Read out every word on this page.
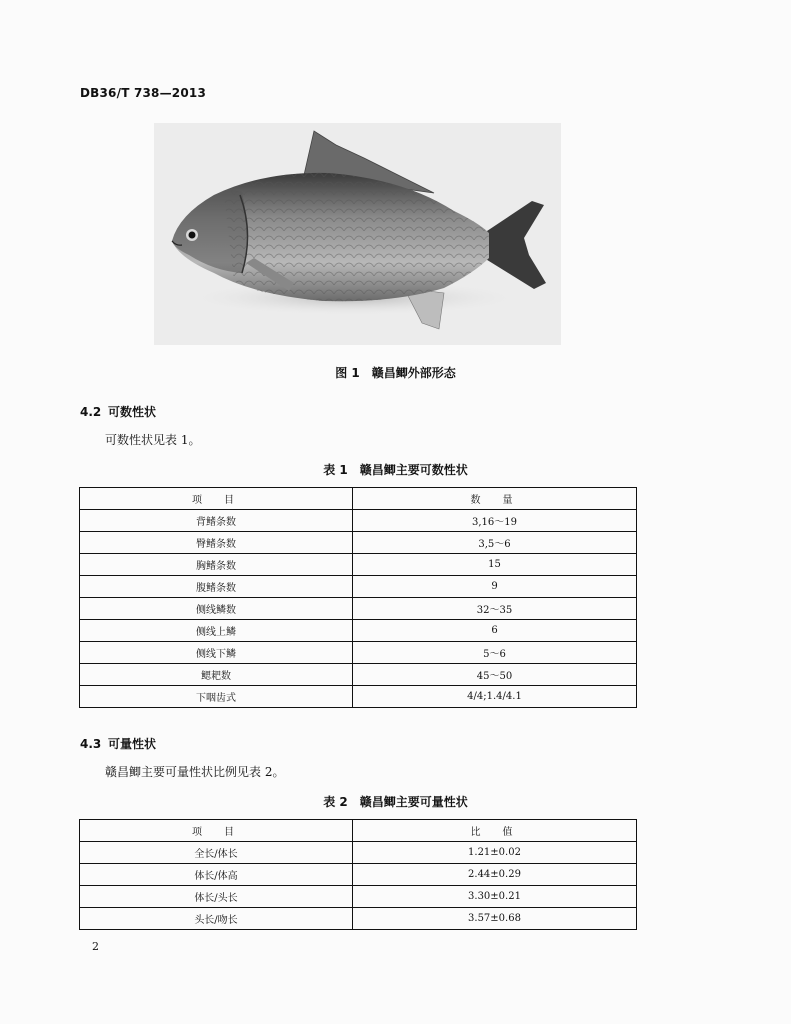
DB36/T 738—2013
图 1　赣昌鲫外部形态
4.2 可数性状
可数性状见表 1。
表 1　赣昌鲫主要可数性状
项　目	数　量
背鳍条数	3,16～19
臀鳍条数	3,5～6
胸鳍条数	15
腹鳍条数	9
侧线鳞数	32～35
侧线上鳞	6
侧线下鳞	5～6
鳃耙数	45～50
下咽齿式	4/4;1.4/4.1
4.3 可量性状
赣昌鲫主要可量性状比例见表 2。
表 2　赣昌鲫主要可量性状
项　目	比　值
全长/体长	1.21±0.02
体长/体高	2.44±0.29
体长/头长	3.30±0.21
头长/吻长	3.57±0.68
2
